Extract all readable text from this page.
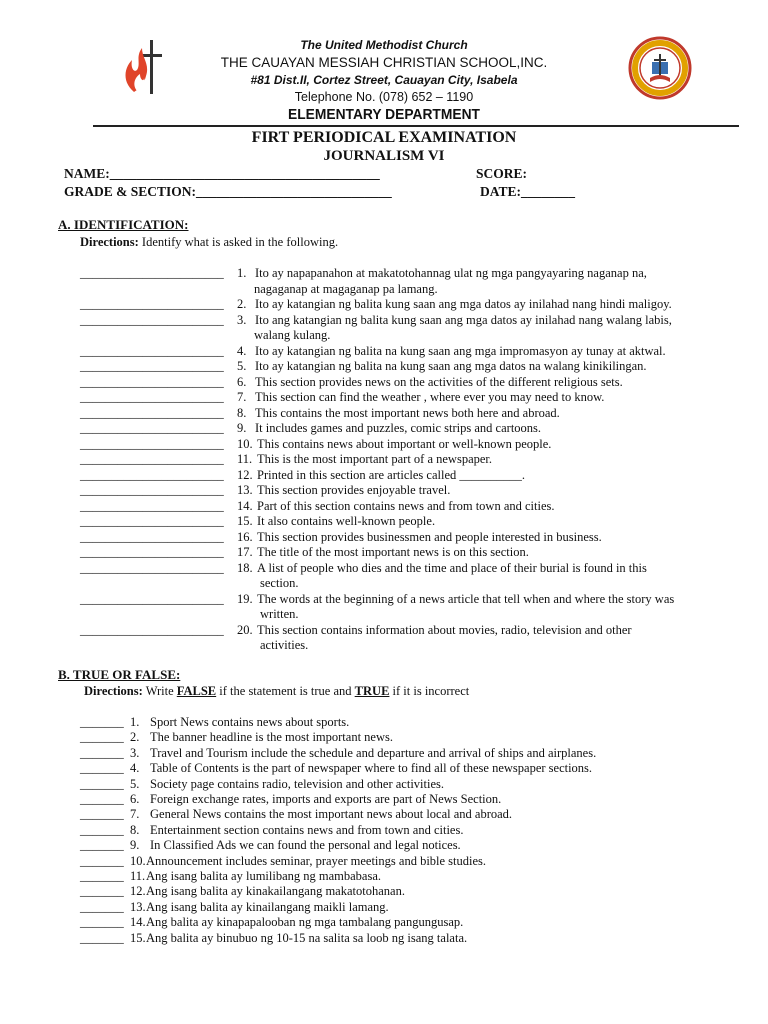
The United Methodist Church
THE CAUAYAN MESSIAH CHRISTIAN SCHOOL,INC.
#81 Dist.II, Cortez Street, Cauayan City, Isabela
Telephone No. (078) 652 – 1190
ELEMENTARY DEPARTMENT
FIRT PERIODICAL EXAMINATION
JOURNALISM VI
NAME:________________________________________	SCORE:
GRADE & SECTION:_____________________________	DATE:________
A. IDENTIFICATION:
Directions: Identify what is asked in the following.
_______________________ 1. Ito ay napapanahon at makatotohannag ulat ng mga pangyayaring naganap na,
nagaganap at magaganap pa lamang.
_______________________ 2. Ito ay katangian ng balita kung saan ang mga datos ay inilahad nang hindi maligoy.
_______________________ 3. Ito ang katangian ng balita kung saan ang mga datos ay inilahad nang walang labis,
walang kulang.
_______________________ 4. Ito ay katangian ng balita na kung saan ang mga impromasyon ay tunay at aktwal.
_______________________ 5. Ito ay katangian ng balita na kung saan ang mga datos na walang kinikilingan.
_______________________ 6. This section provides news on the activities of the different religious sets.
_______________________ 7. This section can find the weather , where ever you may need to know.
_______________________ 8. This contains the most important news both here and abroad.
_______________________ 9. It includes games and puzzles, comic strips and cartoons.
_______________________ 10. This contains news about important or well-known people.
_______________________ 11. This is the most important part of a newspaper.
_______________________ 12. Printed in this section are articles called __________.
_______________________ 13. This section provides enjoyable travel.
_______________________ 14. Part of this section contains news and from town and cities.
_______________________ 15. It also contains well-known people.
_______________________ 16. This section provides businessmen and people interested in business.
_______________________ 17. The title of the most important news is on this section.
_______________________ 18. A list of people who dies and the time and place of their burial is found in this
section.
_______________________ 19. The words at the beginning of a news article that tell when and where the story was
written.
_______________________ 20. This section contains information about movies, radio, television and other
activities.
B. TRUE OR FALSE:
Directions: Write FALSE if the statement is true and TRUE if it is incorrect
_______ 1. Sport News contains news about sports.
_______ 2. The banner headline is the most important news.
_______ 3. Travel and Tourism include the schedule and departure and arrival of ships and airplanes.
_______ 4. Table of Contents is the part of newspaper where to find all of these newspaper sections.
_______ 5. Society page contains radio, television and other activities.
_______ 6. Foreign exchange rates, imports and exports are part of News Section.
_______ 7. General News contains the most important news about local and abroad.
_______ 8. Entertainment section contains news and from town and cities.
_______ 9. In Classified Ads we can found the personal and legal notices.
_______ 10. Announcement includes seminar, prayer meetings and bible studies.
_______ 11. Ang isang balita ay lumilibang ng mambabasa.
_______ 12. Ang isang balita ay kinakailangang makatotohanan.
_______ 13. Ang isang balita ay kinailangang maikli lamang.
_______ 14. Ang balita ay kinapapalooban ng mga tambalang pangungusap.
_______ 15. Ang balita ay binubuo ng 10-15 na salita sa loob ng isang talata.
